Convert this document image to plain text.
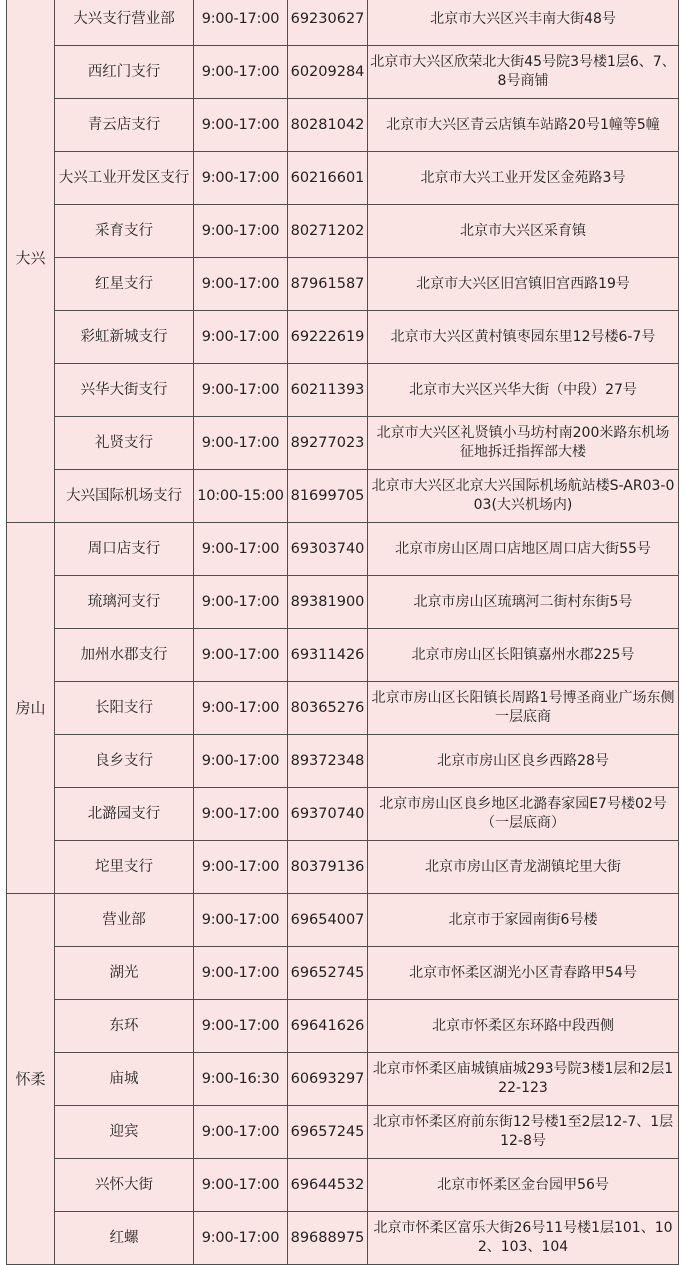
大兴	大兴支行营业部	9:00-17:00	69230627	北京市大兴区兴丰南大街48号
	西红门支行	9:00-17:00	60209284	北京市大兴区欣荣北大街45号院3号楼1层6、7、8号商铺
	青云店支行	9:00-17:00	80281042	北京市大兴区青云店镇车站路20号1幢等5幢
	大兴工业开发区支行	9:00-17:00	60216601	北京市大兴工业开发区金苑路3号
	采育支行	9:00-17:00	80271202	北京市大兴区采育镇
	红星支行	9:00-17:00	87961587	北京市大兴区旧宫镇旧宫西路19号
	彩虹新城支行	9:00-17:00	69222619	北京市大兴区黄村镇枣园东里12号楼6-7号
	兴华大街支行	9:00-17:00	60211393	北京市大兴区兴华大街（中段）27号
	礼贤支行	9:00-17:00	89277023	北京市大兴区礼贤镇小马坊村南200米路东机场征地拆迁指挥部大楼
	大兴国际机场支行	10:00-15:00	81699705	北京市大兴区北京大兴国际机场航站楼S-AR03-003(大兴机场内)
房山	周口店支行	9:00-17:00	69303740	北京市房山区周口店地区周口店大街55号
	琉璃河支行	9:00-17:00	89381900	北京市房山区琉璃河二街村东街5号
	加州水郡支行	9:00-17:00	69311426	北京市房山区长阳镇嘉州水郡225号
	长阳支行	9:00-17:00	80365276	北京市房山区长阳镇长周路1号博圣商业广场东侧一层底商
	良乡支行	9:00-17:00	89372348	北京市房山区良乡西路28号
	北潞园支行	9:00-17:00	69370740	北京市房山区良乡地区北潞春家园E7号楼02号（一层底商）
	坨里支行	9:00-17:00	80379136	北京市房山区青龙湖镇坨里大街
怀柔	营业部	9:00-17:00	69654007	北京市于家园南街6号楼
	湖光	9:00-17:00	69652745	北京市怀柔区湖光小区青春路甲54号
	东环	9:00-17:00	69641626	北京市怀柔区东环路中段西侧
	庙城	9:00-16:30	60693297	北京市怀柔区庙城镇庙城293号院3楼1层和2层122-123
	迎宾	9:00-17:00	69657245	北京市怀柔区府前东街12号楼1至2层12-7、1层12-8号
	兴怀大街	9:00-17:00	69644532	北京市怀柔区金台园甲56号
	红螺	9:00-17:00	89688975	北京市怀柔区富乐大街26号11号楼1层101、102、103、104
